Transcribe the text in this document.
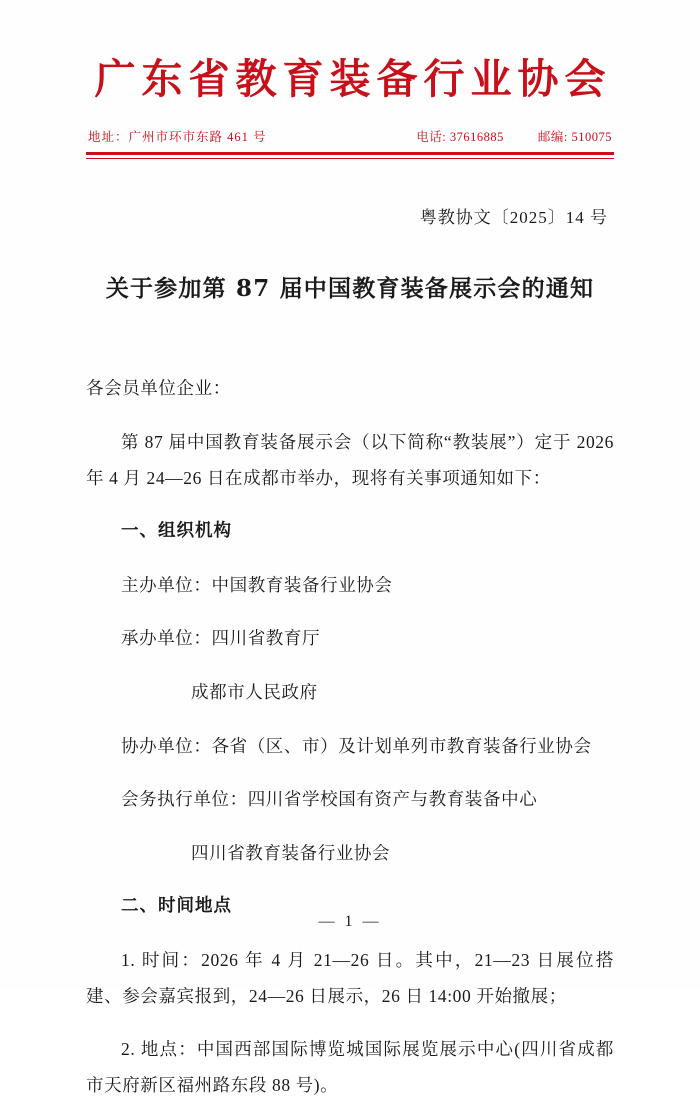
广东省教育装备行业协会
地址：广州市环市东路 461 号	电话: 37616885	邮编: 510075
粤教协文〔2025〕14 号
关于参加第 87 届中国教育装备展示会的通知

各会员单位企业：

第 87 届中国教育装备展示会（以下简称“教装展”）定于 2026 年 4 月 24—26 日在成都市举办，现将有关事项通知如下：

一、组织机构

主办单位：中国教育装备行业协会

承办单位：四川省教育厅

成都市人民政府

协办单位：各省（区、市）及计划单列市教育装备行业协会

会务执行单位：四川省学校国有资产与教育装备中心

四川省教育装备行业协会

二、时间地点

1. 时间：2026 年 4 月 21—26 日。其中，21—23 日展位搭建、参会嘉宾报到，24—26 日展示，26 日 14:00 开始撤展；

2. 地点：中国西部国际博览城国际展览展示中心(四川省成都市天府新区福州路东段 88 号)。

— 1 —
